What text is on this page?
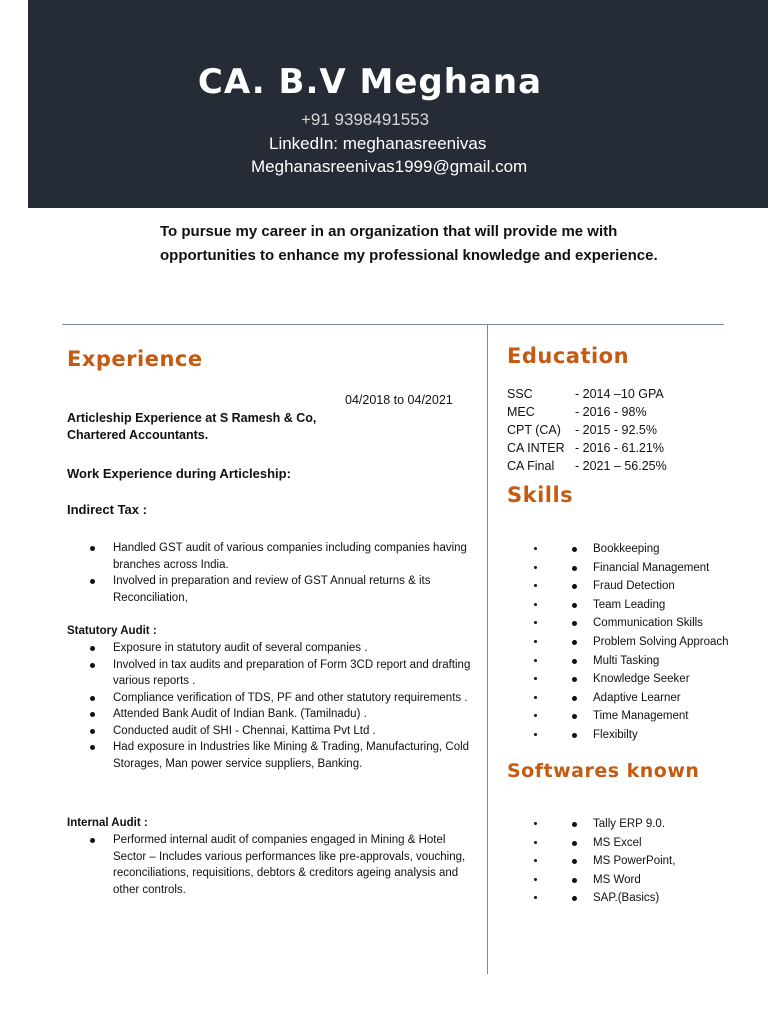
CA. B.V Meghana
+91 9398491553
LinkedIn: meghanasreenivas
Meghanasreenivas1999@gmail.com
To pursue my career in an organization that will provide me with opportunities to enhance my professional knowledge and experience.
Experience
04/2018 to 04/2021
Articleship Experience at S Ramesh & Co,
Chartered Accountants.
Work Experience during Articleship:
Indirect Tax :
Handled GST audit of various companies including companies having branches across India.
Involved in preparation and review of GST Annual returns & its Reconciliation,
Statutory Audit :
Exposure in statutory audit of several companies .
Involved in tax audits and preparation of Form 3CD report and drafting various reports .
Compliance verification of TDS, PF and other statutory requirements .
Attended Bank Audit of Indian Bank. (Tamilnadu) .
Conducted audit of SHI - Chennai, Kattima Pvt Ltd .
Had exposure in Industries like Mining & Trading, Manufacturing, Cold Storages, Man power service suppliers, Banking.
Internal Audit :
Performed internal audit of companies engaged in Mining & Hotel Sector – Includes various performances like pre-approvals, vouching, reconciliations, requisitions, debtors & creditors ageing analysis and other controls.
Education
SSC	- 2014 –10 GPA
MEC	- 2016 - 98%
CPT (CA) - 2015 - 92.5%
CA INTER - 2016 - 61.21%
CA Final - 2021 – 56.25%
Skills
• Bookkeeping
• Financial Management
• Fraud Detection
• Team Leading
• Communication Skills
• Problem Solving Approach
• Multi Tasking
• Knowledge Seeker
• Adaptive Learner
• Time Management
• Flexibilty
Softwares known
• Tally ERP 9.0.
• MS Excel
• MS PowerPoint,
• MS Word
• SAP.(Basics)
